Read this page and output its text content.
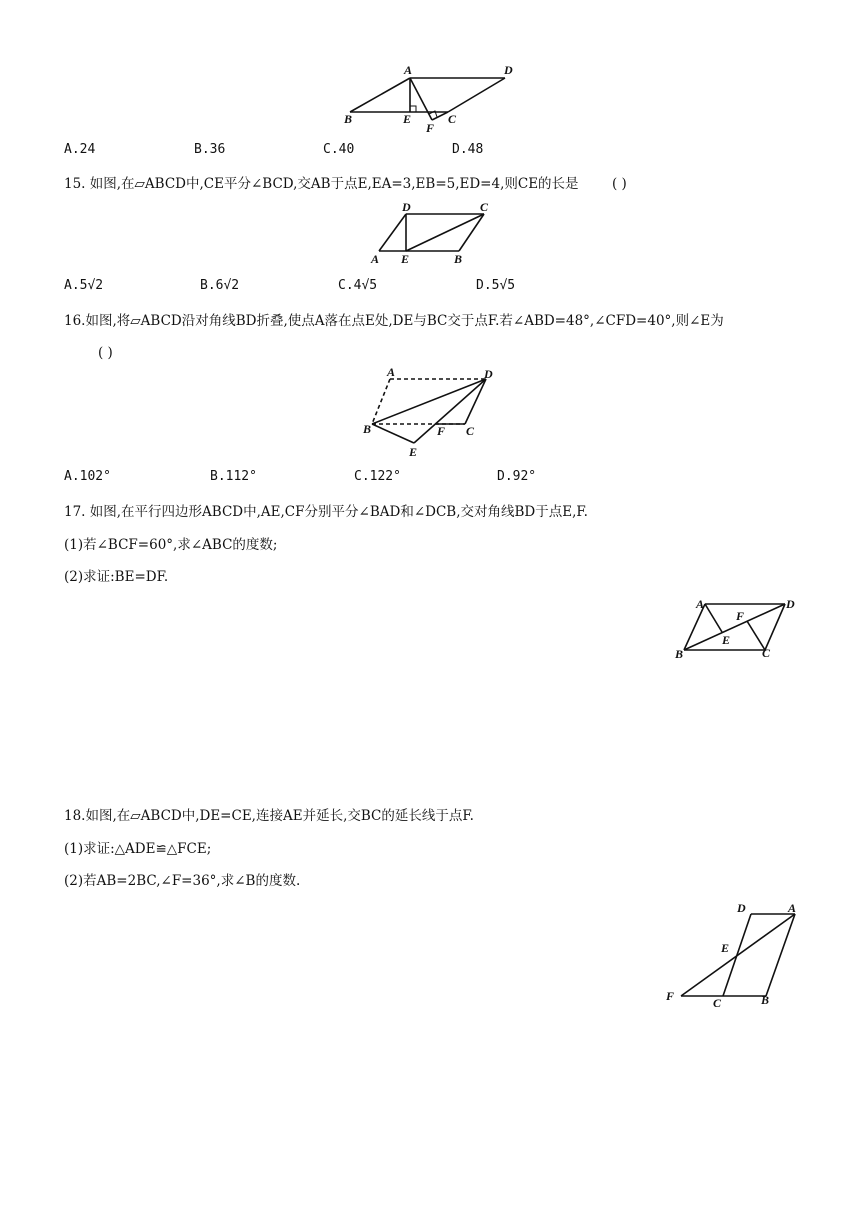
A	D
B	E
F
C
A.24	B.36	C.40	D.48
15. 如图,在▱ABCD中,CE平分∠BCD,交AB于点E,EA=3,EB=5,ED=4,则CE的长是 ( )
D	C
A E	B
A.5√2	B.6√2	C.4√5	D.5√5
16.如图,将▱ABCD沿对角线BD折叠,使点A落在点E处,DE与BC交于点F.若∠ABD=48°,∠CFD=40°,则∠E为
( )
A	D
B	F C
E
A.102°	B.112°	C.122°	D.92°
17. 如图,在平行四边形ABCD中,AE,CF分别平分∠BAD和∠DCB,交对角线BD于点E,F.
(1)若∠BCF=60°,求∠ABC的度数;
(2)求证:BE=DF.
A	D
F
E
B	C
18.如图,在▱ABCD中,DE=CE,连接AE并延长,交BC的延长线于点F.
(1)求证:△ADE≌△FCE;
(2)若AB=2BC,∠F=36°,求∠B的度数.
D	A
E
F	C	B
